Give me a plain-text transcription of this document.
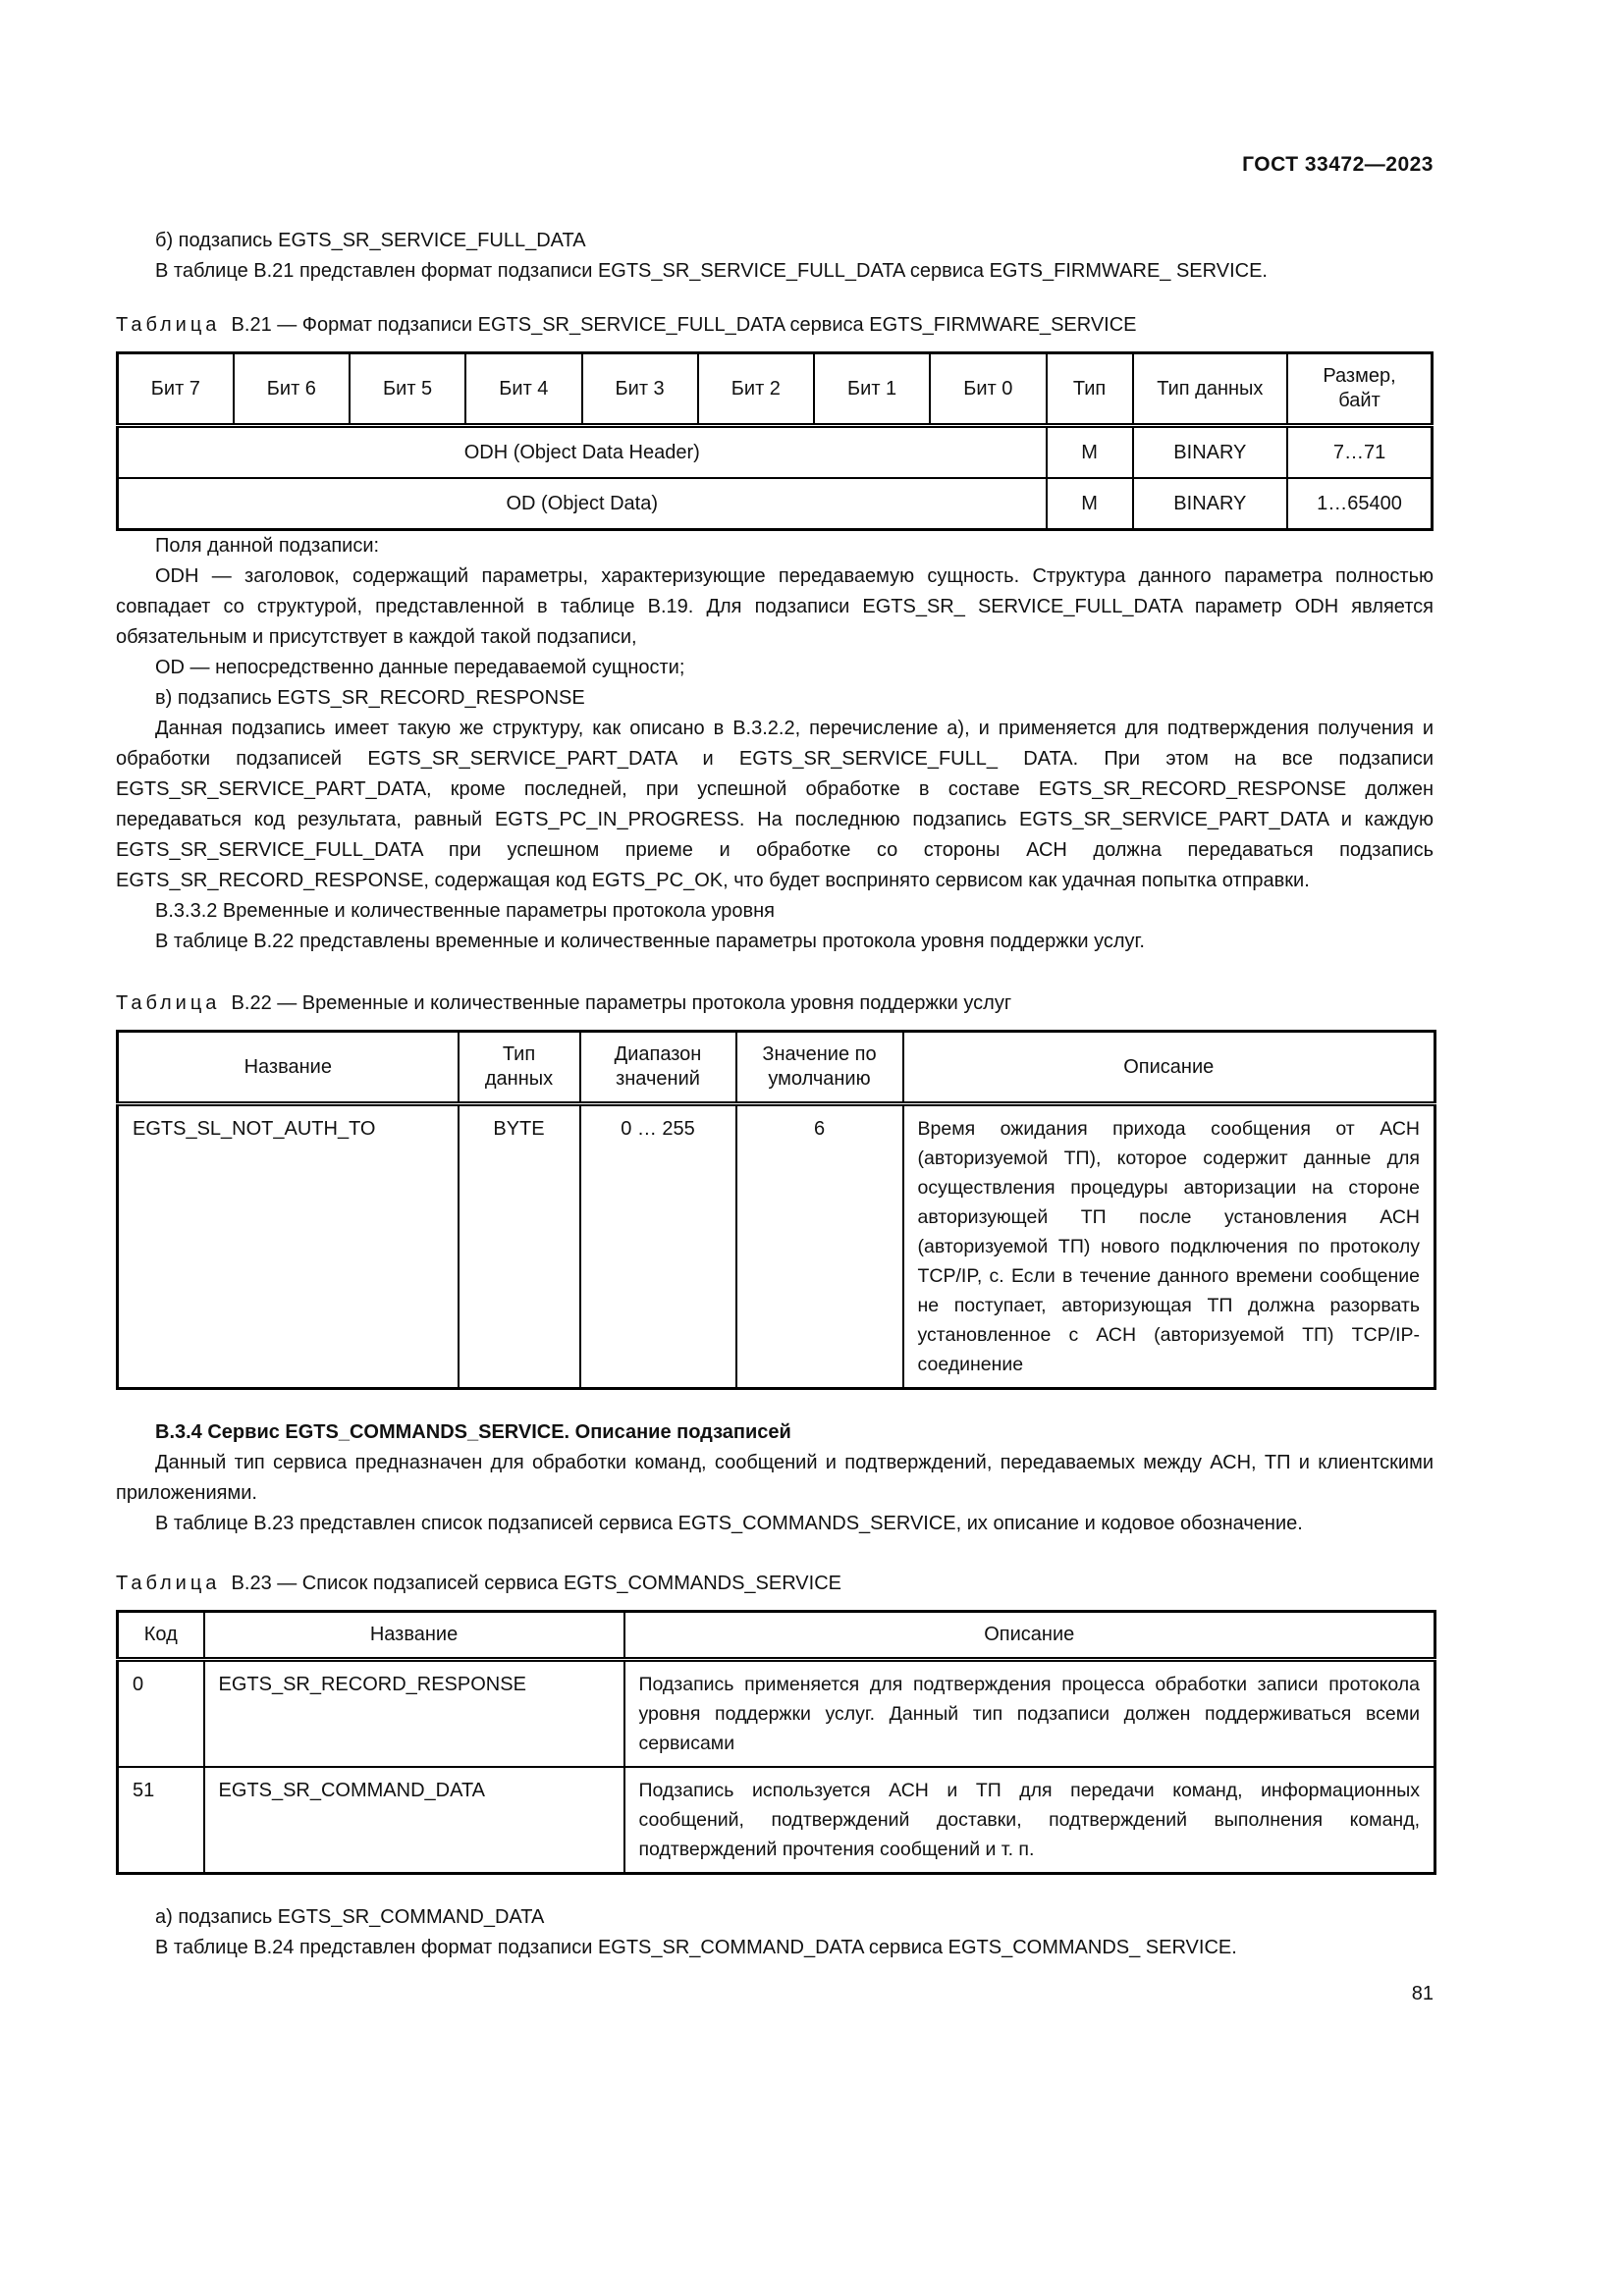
ГОСТ 33472—2023

б) подзапись EGTS_SR_SERVICE_FULL_DATA

В таблице В.21 представлен формат подзаписи EGTS_SR_SERVICE_FULL_DATA сервиса EGTS_FIRMWARE_ SERVICE.

Таблица В.21 — Формат подзаписи EGTS_SR_SERVICE_FULL_DATA сервиса EGTS_FIRMWARE_SERVICE
Бит 7	Бит 6	Бит 5	Бит 4	Бит 3	Бит 2	Бит 1	Бит 0	Тип	Тип данных	Размер, байт
ODH (Object Data Header)								M	BINARY	7…71
OD (Object Data)								M	BINARY	1…65400

Поля данной подзаписи:

ODH — заголовок, содержащий параметры, характеризующие передаваемую сущность. Структура данного параметра полностью совпадает со структурой, представленной в таблице В.19. Для подзаписи EGTS_SR_ SERVICE_FULL_DATA параметр ODH является обязательным и присутствует в каждой такой подзаписи,

OD — непосредственно данные передаваемой сущности;

в) подзапись EGTS_SR_RECORD_RESPONSE

Данная подзапись имеет такую же структуру, как описано в В.3.2.2, перечисление а), и применяется для подтверждения получения и обработки подзаписей EGTS_SR_SERVICE_PART_DATA и EGTS_SR_SERVICE_FULL_ DATA. При этом на все подзаписи EGTS_SR_SERVICE_PART_DATA, кроме последней, при успешной обработке в составе EGTS_SR_RECORD_RESPONSE должен передаваться код результата, равный EGTS_PC_IN_PROGRESS. На последнюю подзапись EGTS_SR_SERVICE_PART_DATA и каждую EGTS_SR_SERVICE_FULL_DATA при успешном приеме и обработке со стороны АСН должна передаваться подзапись EGTS_SR_RECORD_RESPONSE, содержащая код EGTS_PC_OK, что будет воспринято сервисом как удачная попытка отправки.

В.3.3.2 Временные и количественные параметры протокола уровня

В таблице В.22 представлены временные и количественные параметры протокола уровня поддержки услуг.

Таблица В.22 — Временные и количественные параметры протокола уровня поддержки услуг
Название	Тип данных	Диапазон значений	Значение по умолчанию	Описание
EGTS_SL_NOT_AUTH_TO	BYTE	0 … 255	6	Время ожидания прихода сообщения от АСН (авторизуемой ТП), которое содержит данные для осуществления процедуры авторизации на стороне авторизующей ТП после установления АСН (авторизуемой ТП) нового подключения по протоколу TCP/IP, с. Если в течение данного времени сообщение не поступает, авторизующая ТП должна разорвать установленное с АСН (авторизуемой ТП) TCP/IP-соединение

В.3.4 Сервис EGTS_COMMANDS_SERVICE. Описание подзаписей

Данный тип сервиса предназначен для обработки команд, сообщений и подтверждений, передаваемых между АСН, ТП и клиентскими приложениями.

В таблице В.23 представлен список подзаписей сервиса EGTS_COMMANDS_SERVICE, их описание и кодовое обозначение.

Таблица В.23 — Список подзаписей сервиса EGTS_COMMANDS_SERVICE
Код	Название	Описание
0	EGTS_SR_RECORD_RESPONSE	Подзапись применяется для подтверждения процесса обработки записи протокола уровня поддержки услуг. Данный тип подзаписи должен поддерживаться всеми сервисами
51	EGTS_SR_COMMAND_DATA	Подзапись используется АСН и ТП для передачи команд, информационных сообщений, подтверждений доставки, подтверждений выполнения команд, подтверждений прочтения сообщений и т. п.

а) подзапись EGTS_SR_COMMAND_DATA

В таблице В.24 представлен формат подзаписи EGTS_SR_COMMAND_DATA сервиса EGTS_COMMANDS_ SERVICE.

81
